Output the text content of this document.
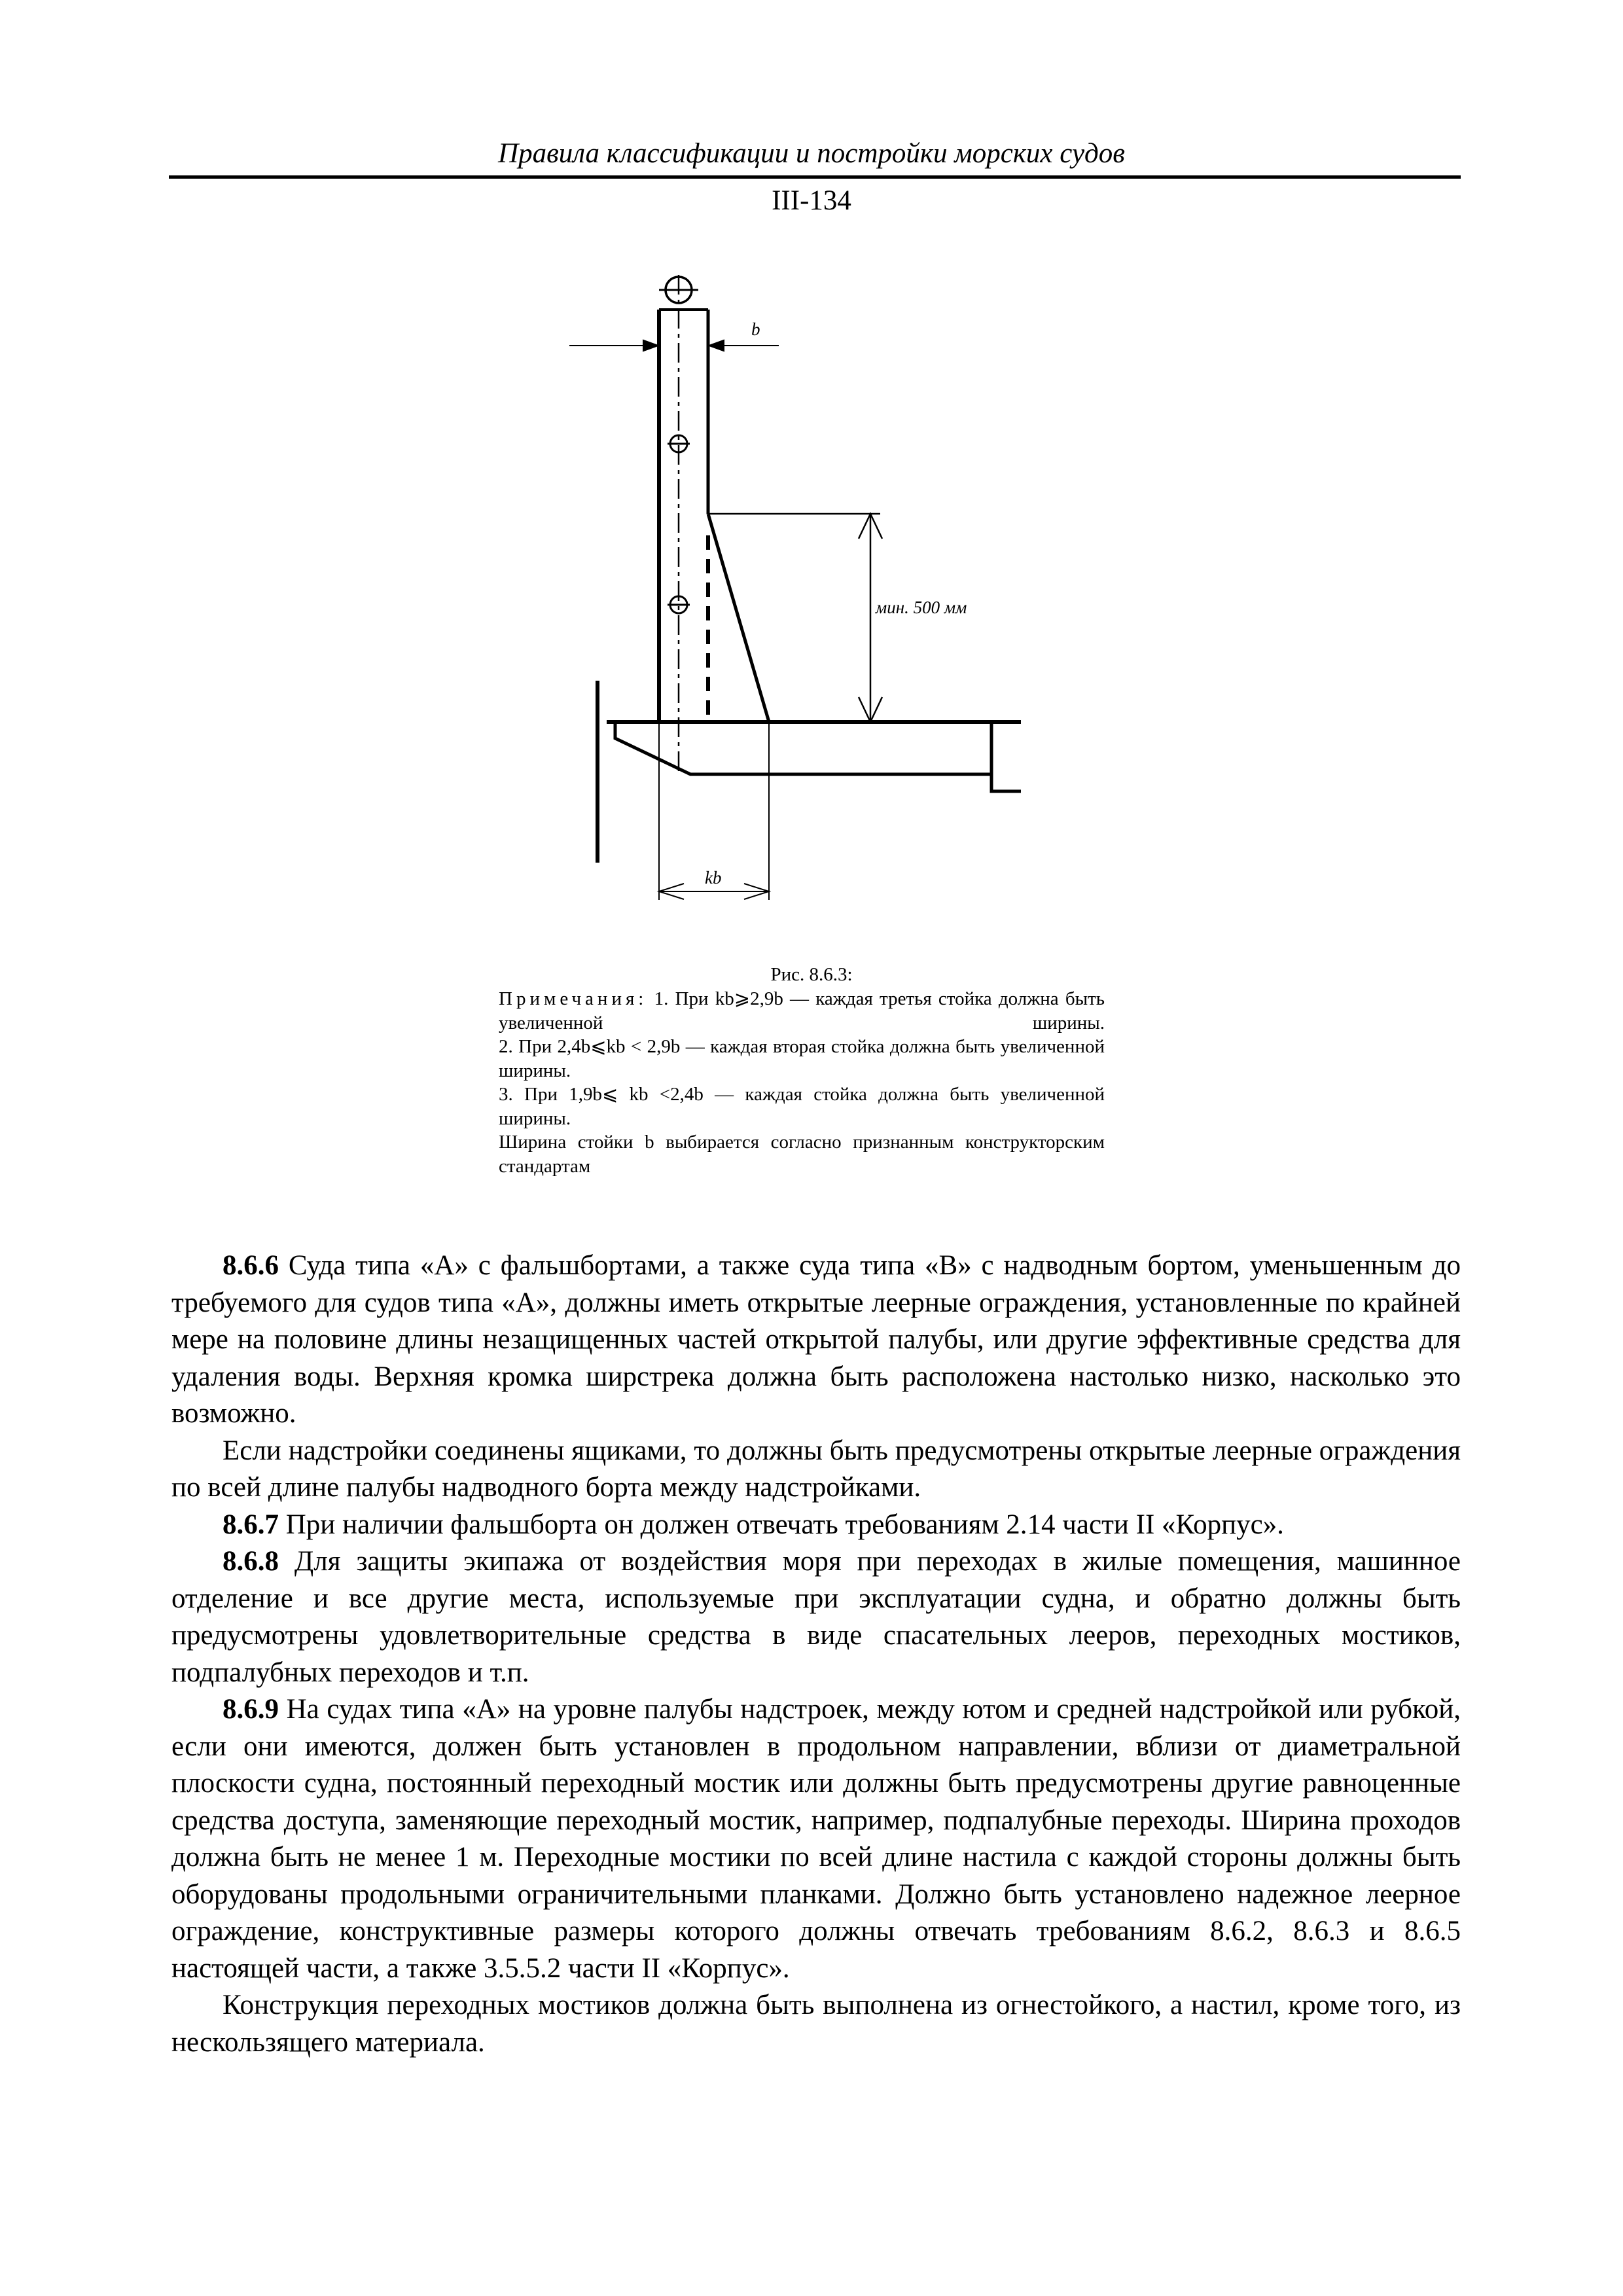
Правила классификации и постройки морских судов
III-134
b
мин. 500 мм
kb
Рис. 8.6.3:

Примечания: 1. При kb⩾2,9b — каждая третья стойка должна быть увеличенной ширины.

2. При 2,4b⩽kb < 2,9b — каждая вторая стойка должна быть увеличенной ширины.

3. При 1,9b⩽ kb <2,4b — каждая стойка должна быть увеличенной ширины.

Ширина стойки b выбирается согласно признанным конструкторским стандартам

8.6.6 Суда типа «А» с фальшбортами, а также суда типа «В» с надводным бортом, уменьшенным до требуемого для судов типа «А», должны иметь открытые леерные ограждения, установленные по крайней мере на половине длины незащищенных частей открытой палубы, или другие эффективные средства для удаления воды. Верхняя кромка ширстрека должна быть расположена настолько низко, насколько это возможно.

Если надстройки соединены ящиками, то должны быть предусмотрены открытые леерные ограждения по всей длине палубы надводного борта между надстройками.

8.6.7 При наличии фальшборта он должен отвечать требованиям 2.14 части II «Корпус».

8.6.8 Для защиты экипажа от воздействия моря при переходах в жилые помещения, машинное отделение и все другие места, используемые при эксплуатации судна, и обратно должны быть предусмотрены удовлетворительные средства в виде спасательных лееров, переходных мостиков, подпалубных переходов и т.п.

8.6.9 На судах типа «А» на уровне палубы надстроек, между ютом и средней надстройкой или рубкой, если они имеются, должен быть установлен в продольном направлении, вблизи от диаметральной плоскости судна, постоянный переходный мостик или должны быть предусмотрены другие равноценные средства доступа, заменяющие переходный мостик, например, подпалубные переходы. Ширина проходов должна быть не менее 1 м. Переходные мостики по всей длине настила с каждой стороны должны быть оборудованы продольными ограничительными планками. Должно быть установлено надежное леерное ограждение, конструктивные размеры которого должны отвечать требованиям 8.6.2, 8.6.3 и 8.6.5 настоящей части, а также 3.5.5.2 части II «Корпус».

Конструкция переходных мостиков должна быть выполнена из огнестойкого, а настил, кроме того, из нескользящего материала.
